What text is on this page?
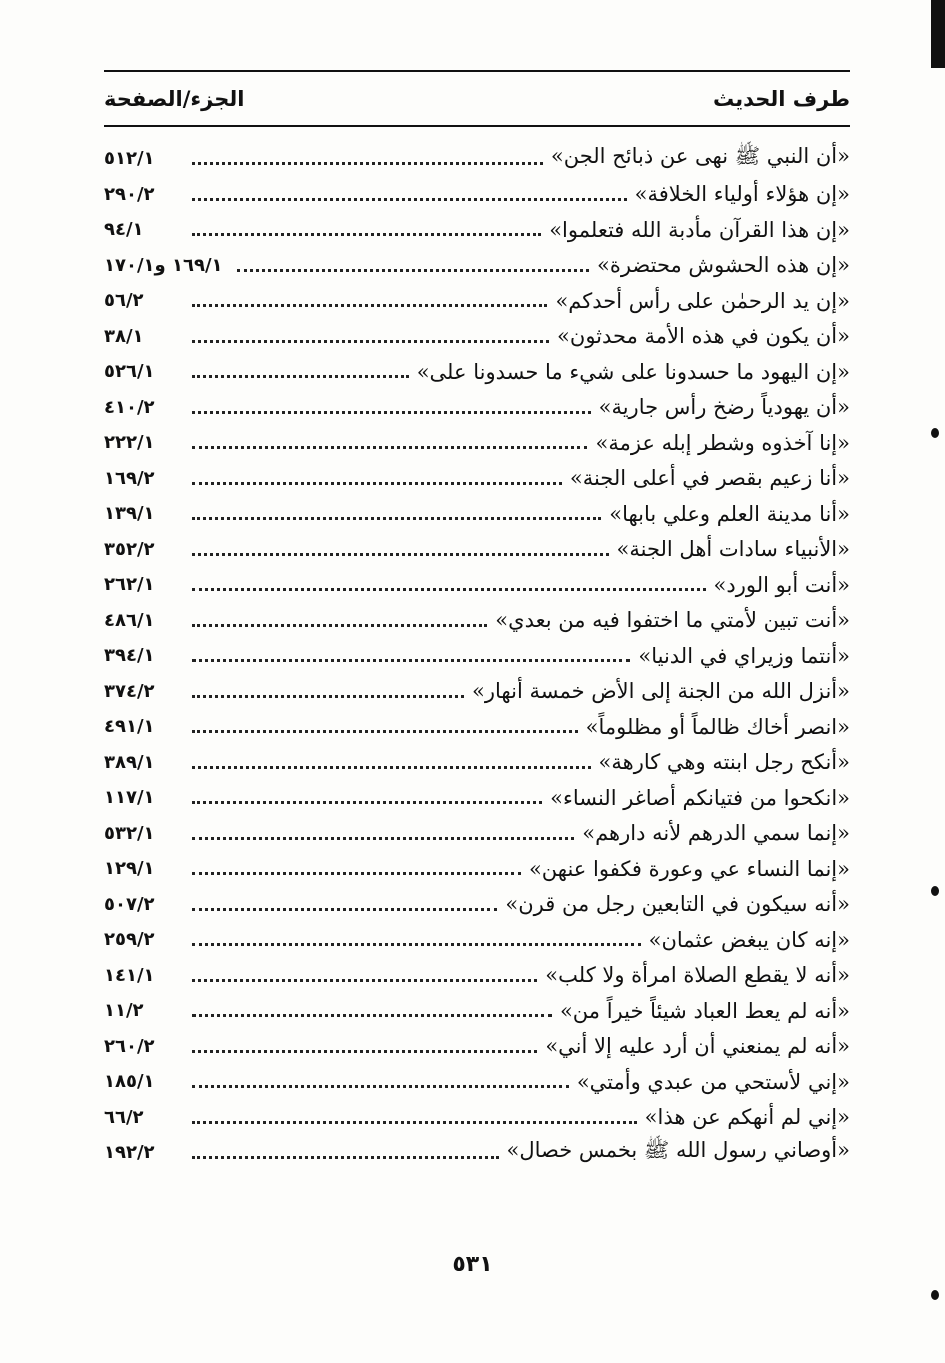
الجزء/الصفحة	طرف الحديث
«أن النبي ﷺ نهى عن ذبائح الجن»
٥١٢/١
«إن هؤلاء أولياء الخلافة»
٢٩٠/٢
«إن هذا القرآن مأدبة الله فتعلموا»
٩٤/١
«إن هذه الحشوش محتضرة»
١٦٩/١ و١٧٠/١
«إن يد الرحمٰن على رأس أحدكم»
٥٦/٢
«أن يكون في هذه الأمة محدثون»
٣٨/١
«إن اليهود ما حسدونا على شيء ما حسدونا على»
٥٢٦/١
«أن يهودياً رضخ رأس جارية»
٤١٠/٢
«إنا آخذوه وشطر إبله عزمة»
٢٢٢/١
«أنا زعيم بقصر في أعلى الجنة»
١٦٩/٢
«أنا مدينة العلم وعلي بابها»
١٣٩/١
«الأنبياء سادات أهل الجنة»
٣٥٢/٢
«أنت أبو الورد»
٢٦٢/١
«أنت تبين لأمتي ما اختفوا فيه من بعدي»
٤٨٦/١
«أنتما وزيراي في الدنيا»
٣٩٤/١
«أنزل الله من الجنة إلى الأض خمسة أنهار»
٣٧٤/٢
«انصر أخاك ظالماً أو مظلوماً»
٤٩١/١
«أنكح رجل ابنته وهي كارهة»
٣٨٩/١
«انكحوا من فتيانكم أصاغر النساء»
١١٧/١
«إنما سمي الدرهم لأنه دارهم»
٥٣٢/١
«إنما النساء عي وعورة فكفوا عنهن»
١٢٩/١
«أنه سيكون في التابعين رجل من قرن»
٥٠٧/٢
«إنه كان يبغض عثمان»
٢٥٩/٢
«أنه لا يقطع الصلاة امرأة ولا كلب»
١٤١/١
«أنه لم يعط العباد شيئاً خيراً من»
١١/٢
«أنه لم يمنعني أن أرد عليه إلا أني»
٢٦٠/٢
«إني لأستحي من عبدي وأمتي»
١٨٥/١
«إني لم أنهكم عن هذا»
٦٦/٢
«أوصاني رسول الله ﷺ بخمس خصال»
١٩٢/٢
٥٣١
